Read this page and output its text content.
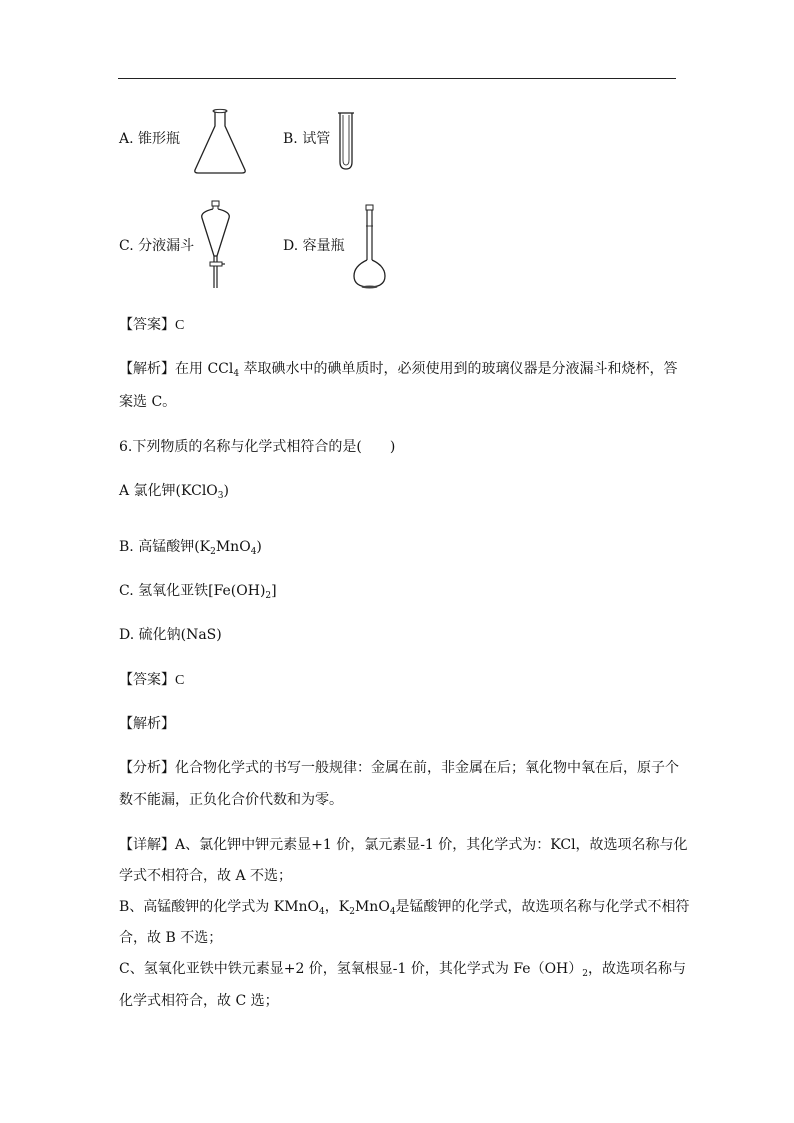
A. 锥形瓶	B. 试管
C. 分液漏斗	D. 容量瓶
【答案】C
【解析】在用 CCl$_4$ 萃取碘水中的碘单质时，必须使用到的玻璃仪器是分液漏斗和烧杯，答
案选 C。
6.下列物质的名称与化学式相符合的是(　　)
A 氯化钾(KClO$_3$)
B. 高锰酸钾$(K_2MnO_4)$
C. 氢氧化亚铁$[Fe(OH)_2]$
D. 硫化钠(NaS)
【答案】C
【解析】
【分析】化合物化学式的书写一般规律：金属在前，非金属在后；氧化物中氧在后，原子个
数不能漏，正负化合价代数和为零。
【详解】A、氯化钾中钾元素显+1 价，氯元素显-1 价，其化学式为：KCl，故选项名称与化
学式不相符合，故 A 不选；
B、高锰酸钾的化学式为 KMnO$_4$，$K_2MnO_4$是锰酸钾的化学式，故选项名称与化学式不相符
合，故 B 不选；
C、氢氧化亚铁中铁元素显+2 价，氢氧根显-1 价，其化学式为 $Fe(OH)_2$，故选项名称与
化学式相符合，故 C 选；
